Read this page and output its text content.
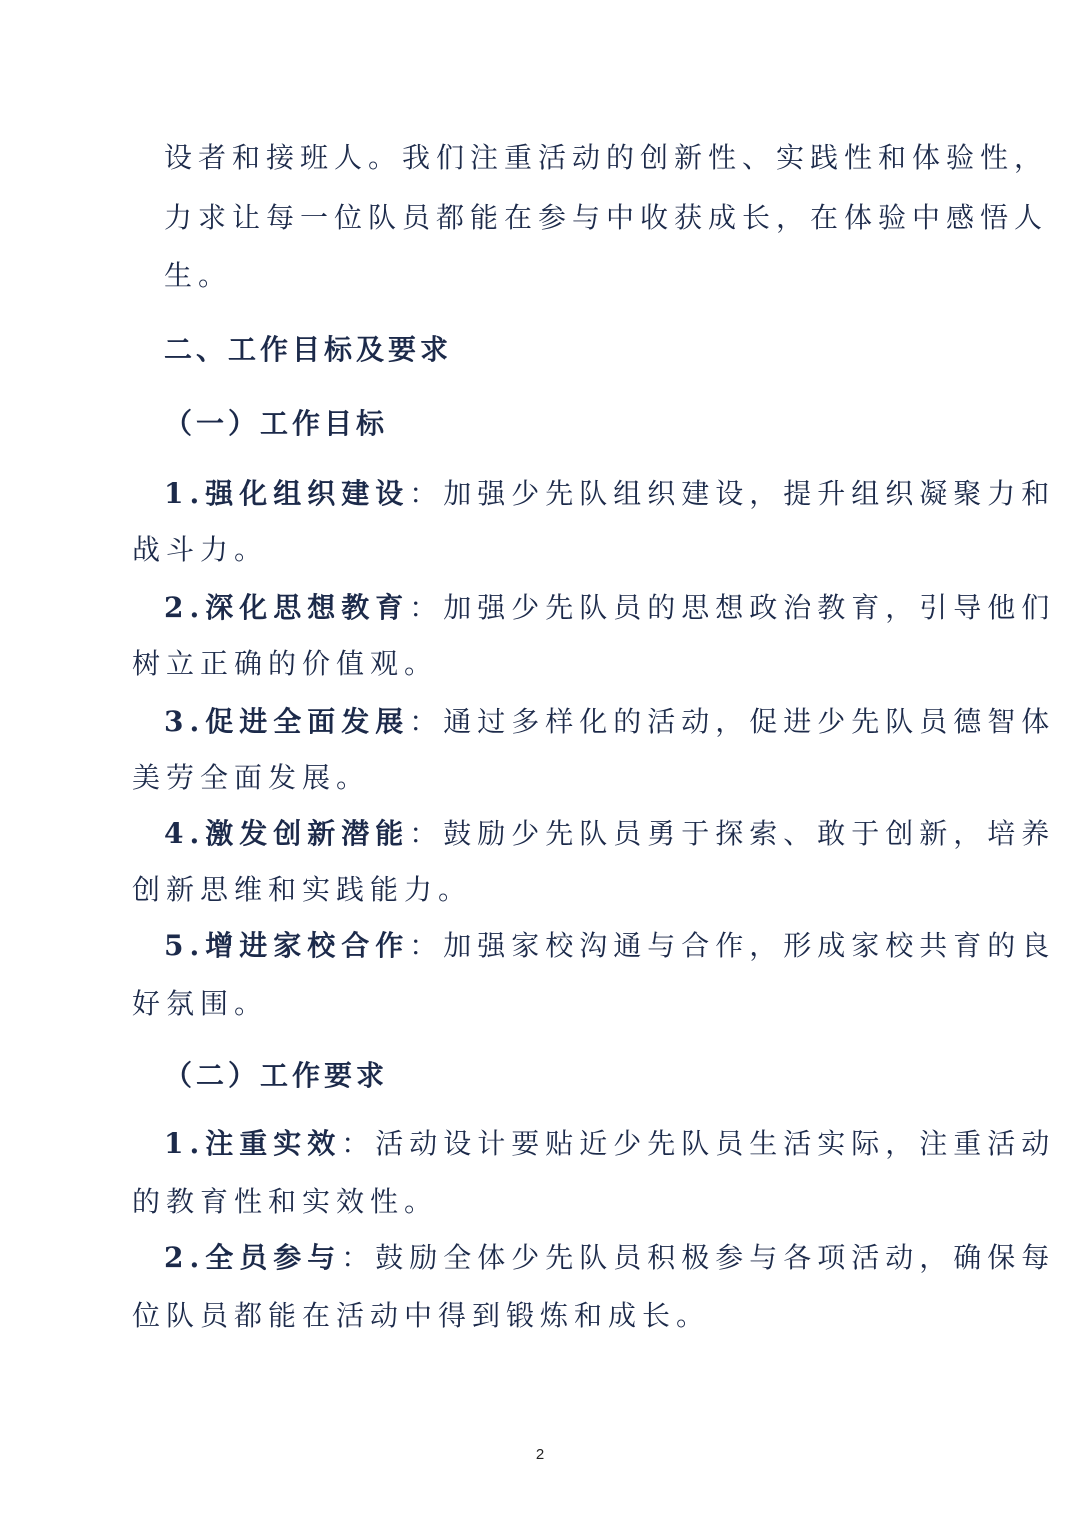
设者和接班人。我们注重活动的创新性、实践性和体验性，
力求让每一位队员都能在参与中收获成长，在体验中感悟人
生。
二、工作目标及要求
（一）工作目标
1.强化组织建设：加强少先队组织建设，提升组织凝聚力和
战斗力。
2.深化思想教育：加强少先队员的思想政治教育，引导他们
树立正确的价值观。
3.促进全面发展：通过多样化的活动，促进少先队员德智体
美劳全面发展。
4.激发创新潜能：鼓励少先队员勇于探索、敢于创新，培养
创新思维和实践能力。
5.增进家校合作：加强家校沟通与合作，形成家校共育的良
好氛围。
（二）工作要求
1.注重实效：活动设计要贴近少先队员生活实际，注重活动
的教育性和实效性。
2.全员参与：鼓励全体少先队员积极参与各项活动，确保每
位队员都能在活动中得到锻炼和成长。
2
